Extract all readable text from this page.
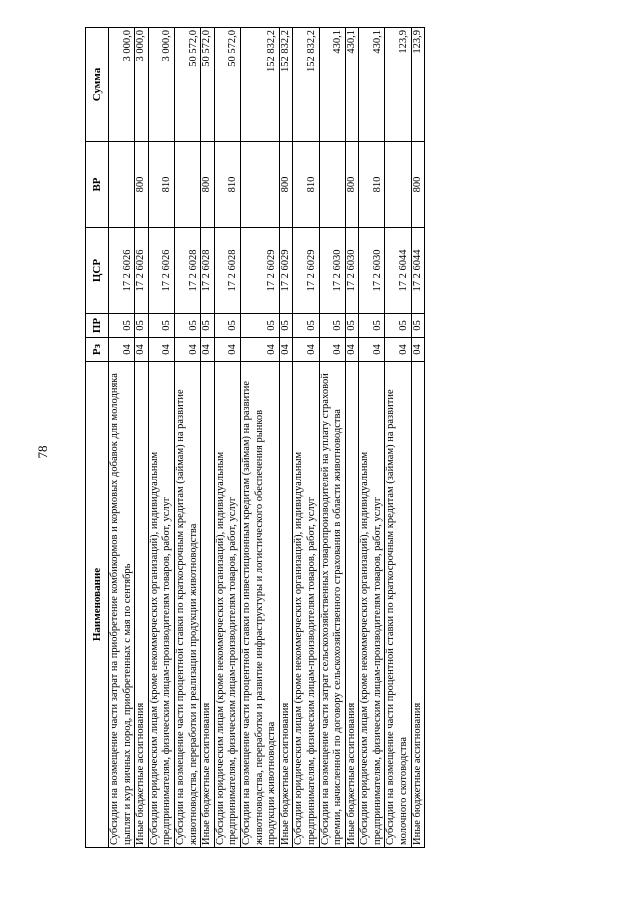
78
Наименование	Рз	ПР	ЦСР	ВР	Сумма
Субсидии на возмещение части затрат на приобретение комбикормов и кормовых добавок для молодняка цыплят и кур яичных пород, приобретенных с мая по сентябрь	04	05	17 2 6026		3 000,0
Иные бюджетные ассигнования	04	05	17 2 6026	800	3 000,0
Субсидии юридическим лицам (кроме некоммерческих организаций), индивидуальным предпринимателям, физическим лицам-производителям товаров, работ, услуг	04	05	17 2 6026	810	3 000,0
Субсидии на возмещение части процентной ставки по краткосрочным кредитам (займам) на развитие животноводства, переработки и реализации продукции животноводства	04	05	17 2 6028		50 572,0
Иные бюджетные ассигнования	04	05	17 2 6028	800	50 572,0
Субсидии юридическим лицам (кроме некоммерческих организаций), индивидуальным предпринимателям, физическим лицам-производителям товаров, работ, услуг	04	05	17 2 6028	810	50 572,0
Субсидии на возмещение части процентной ставки по инвестиционным кредитам (займам) на развитие животноводства, переработки и развитие инфраструктуры и логистического обеспечения рынков продукции животноводства	04	05	17 2 6029		152 832,2
Иные бюджетные ассигнования	04	05	17 2 6029	800	152 832,2
Субсидии юридическим лицам (кроме некоммерческих организаций), индивидуальным предпринимателям, физическим лицам-производителям товаров, работ, услуг	04	05	17 2 6029	810	152 832,2
Субсидии на возмещение части затрат сельскохозяйственных товаропроизводителей на уплату страховой премии, начисленной по договору сельскохозяйственного страхования в области животноводства	04	05	17 2 6030		430,1
Иные бюджетные ассигнования	04	05	17 2 6030	800	430,1
Субсидии юридическим лицам (кроме некоммерческих организаций), индивидуальным предпринимателям, физическим лицам-производителям товаров, работ, услуг	04	05	17 2 6030	810	430,1
Субсидии на возмещение части процентной ставки по краткосрочным кредитам (займам) на развитие молочного скотоводства	04	05	17 2 6044		123,9
Иные бюджетные ассигнования	04	05	17 2 6044	800	123,9
